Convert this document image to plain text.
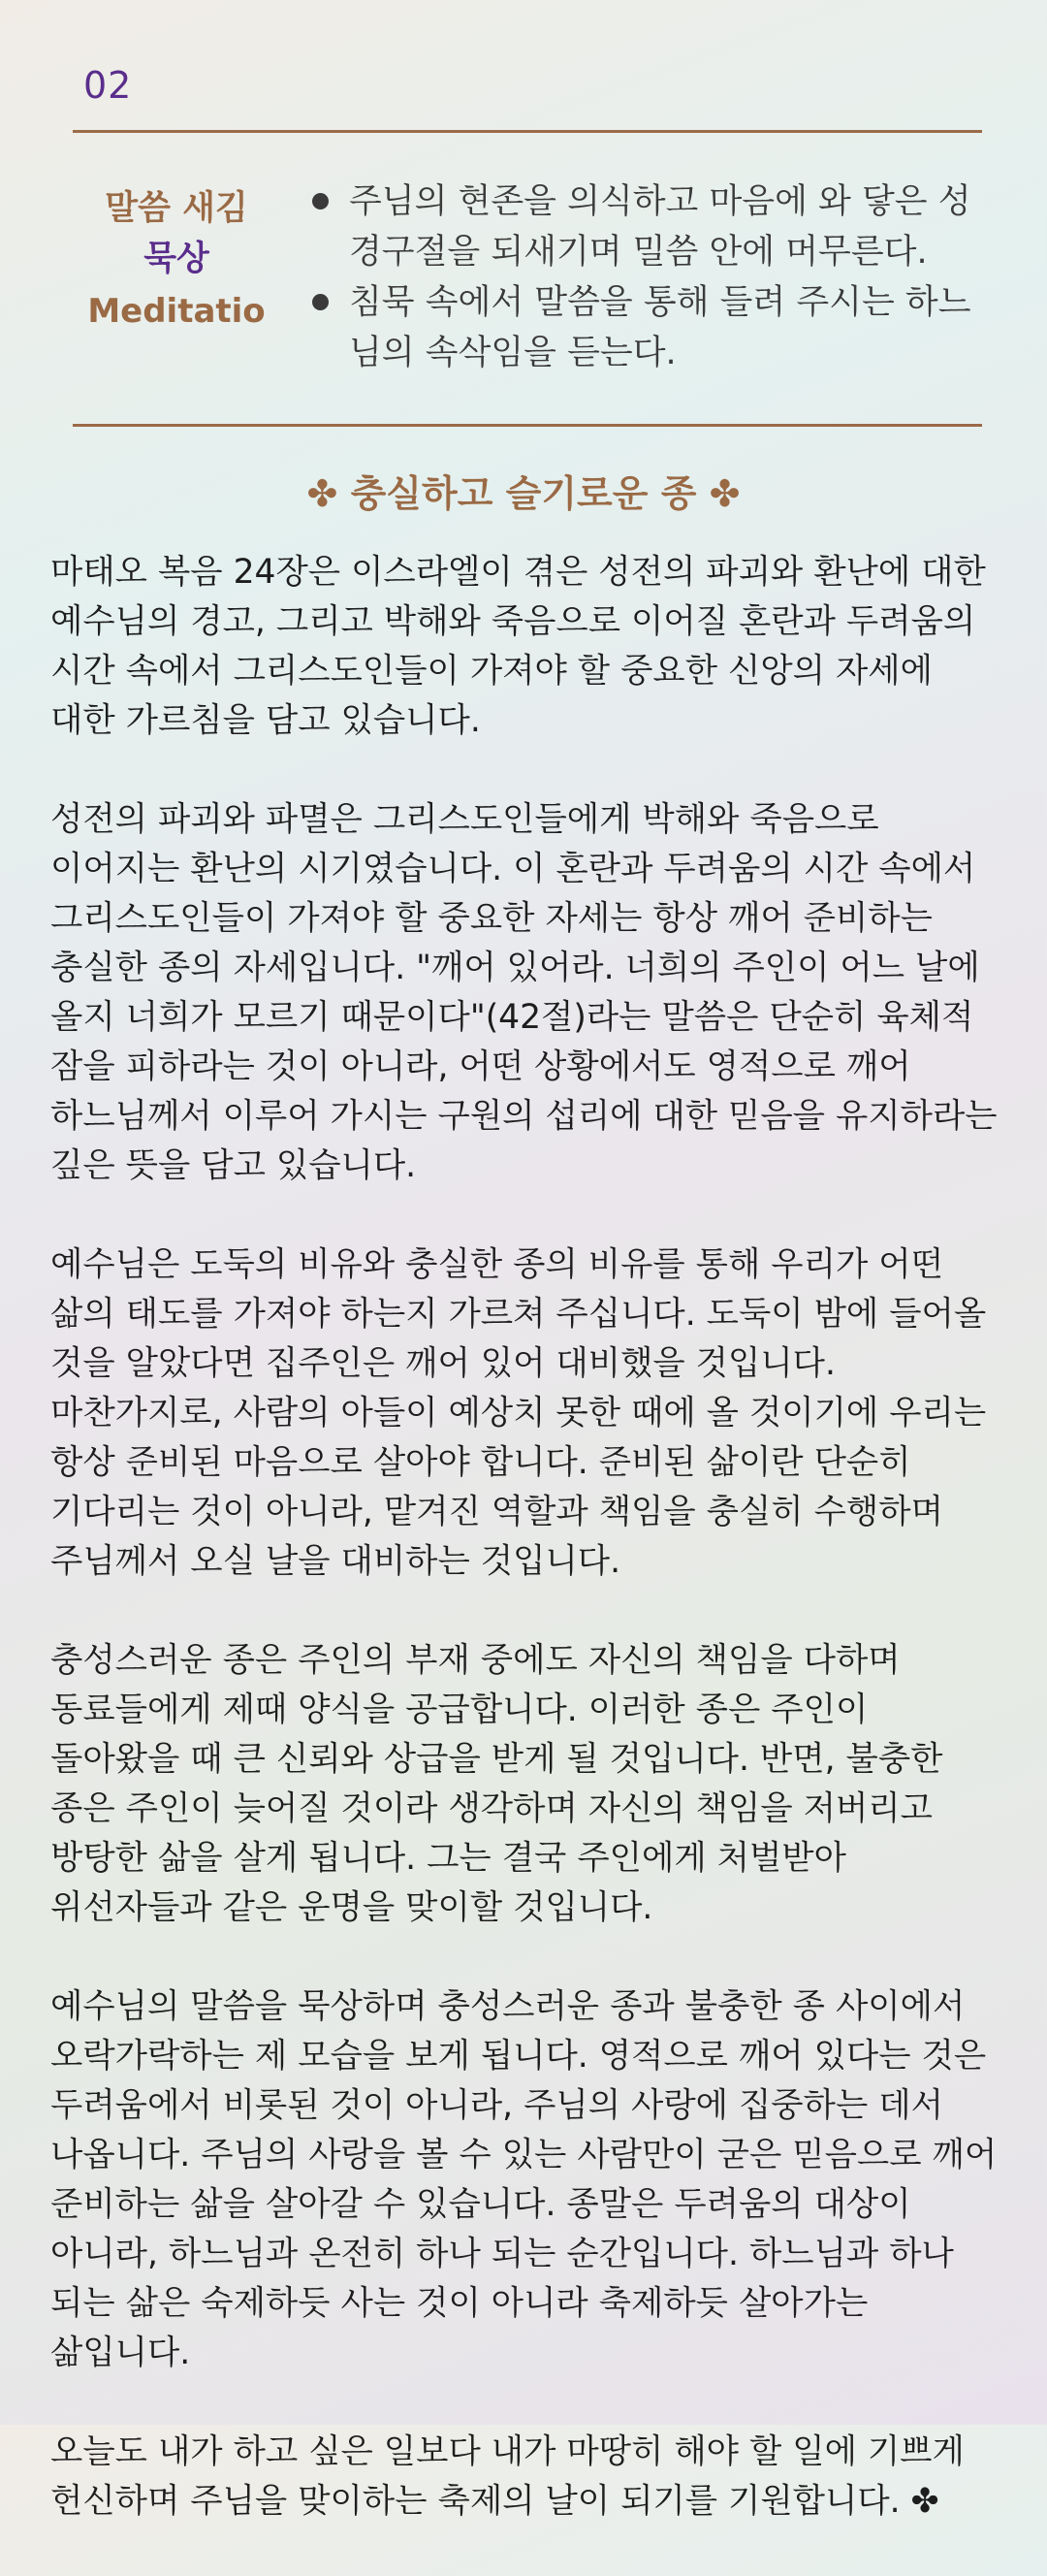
02
말씀 새김
묵상
Meditatio
주님의 현존을 의식하고 마음에 와 닿은 성경구절을 되새기며 밀씀 안에 머무른다.
침묵 속에서 말씀을 통해 들려 주시는 하느님의 속삭임을 듣는다.
✤ 충실하고 슬기로운 종 ✤

마태오 복음 24장은 이스라엘이 겪은 성전의 파괴와 환난에 대한 예수님의 경고, 그리고 박해와 죽음으로 이어질 혼란과 두려움의 시간 속에서 그리스도인들이 가져야 할 중요한 신앙의 자세에 대한 가르침을 담고 있습니다.

성전의 파괴와 파멸은 그리스도인들에게 박해와 죽음으로 이어지는 환난의 시기였습니다. 이 혼란과 두려움의 시간 속에서 그리스도인들이 가져야 할 중요한 자세는 항상 깨어 준비하는 충실한 종의 자세입니다. "깨어 있어라. 너희의 주인이 어느 날에 올지 너희가 모르기 때문이다"(42절)라는 말씀은 단순히 육체적 잠을 피하라는 것이 아니라, 어떤 상황에서도 영적으로 깨어 하느님께서 이루어 가시는 구원의 섭리에 대한 믿음을 유지하라는 깊은 뜻을 담고 있습니다.

예수님은 도둑의 비유와 충실한 종의 비유를 통해 우리가 어떤 삶의 태도를 가져야 하는지 가르쳐 주십니다. 도둑이 밤에 들어올 것을 알았다면 집주인은 깨어 있어 대비했을 것입니다. 마찬가지로, 사람의 아들이 예상치 못한 때에 올 것이기에 우리는 항상 준비된 마음으로 살아야 합니다. 준비된 삶이란 단순히 기다리는 것이 아니라, 맡겨진 역할과 책임을 충실히 수행하며 주님께서 오실 날을 대비하는 것입니다.

충성스러운 종은 주인의 부재 중에도 자신의 책임을 다하며 동료들에게 제때 양식을 공급합니다. 이러한 종은 주인이 돌아왔을 때 큰 신뢰와 상급을 받게 될 것입니다. 반면, 불충한 종은 주인이 늦어질 것이라 생각하며 자신의 책임을 저버리고 방탕한 삶을 살게 됩니다. 그는 결국 주인에게 처벌받아 위선자들과 같은 운명을 맞이할 것입니다.

예수님의 말씀을 묵상하며 충성스러운 종과 불충한 종 사이에서 오락가락하는 제 모습을 보게 됩니다. 영적으로 깨어 있다는 것은 두려움에서 비롯된 것이 아니라, 주님의 사랑에 집중하는 데서 나옵니다. 주님의 사랑을 볼 수 있는 사람만이 굳은 믿음으로 깨어 준비하는 삶을 살아갈 수 있습니다. 종말은 두려움의 대상이 아니라, 하느님과 온전히 하나 되는 순간입니다. 하느님과 하나 되는 삶은 숙제하듯 사는 것이 아니라 축제하듯 살아가는 삶입니다.

오늘도 내가 하고 싶은 일보다 내가 마땅히 해야 할 일에 기쁘게 헌신하며 주님을 맞이하는 축제의 날이 되기를 기원합니다. ✤
